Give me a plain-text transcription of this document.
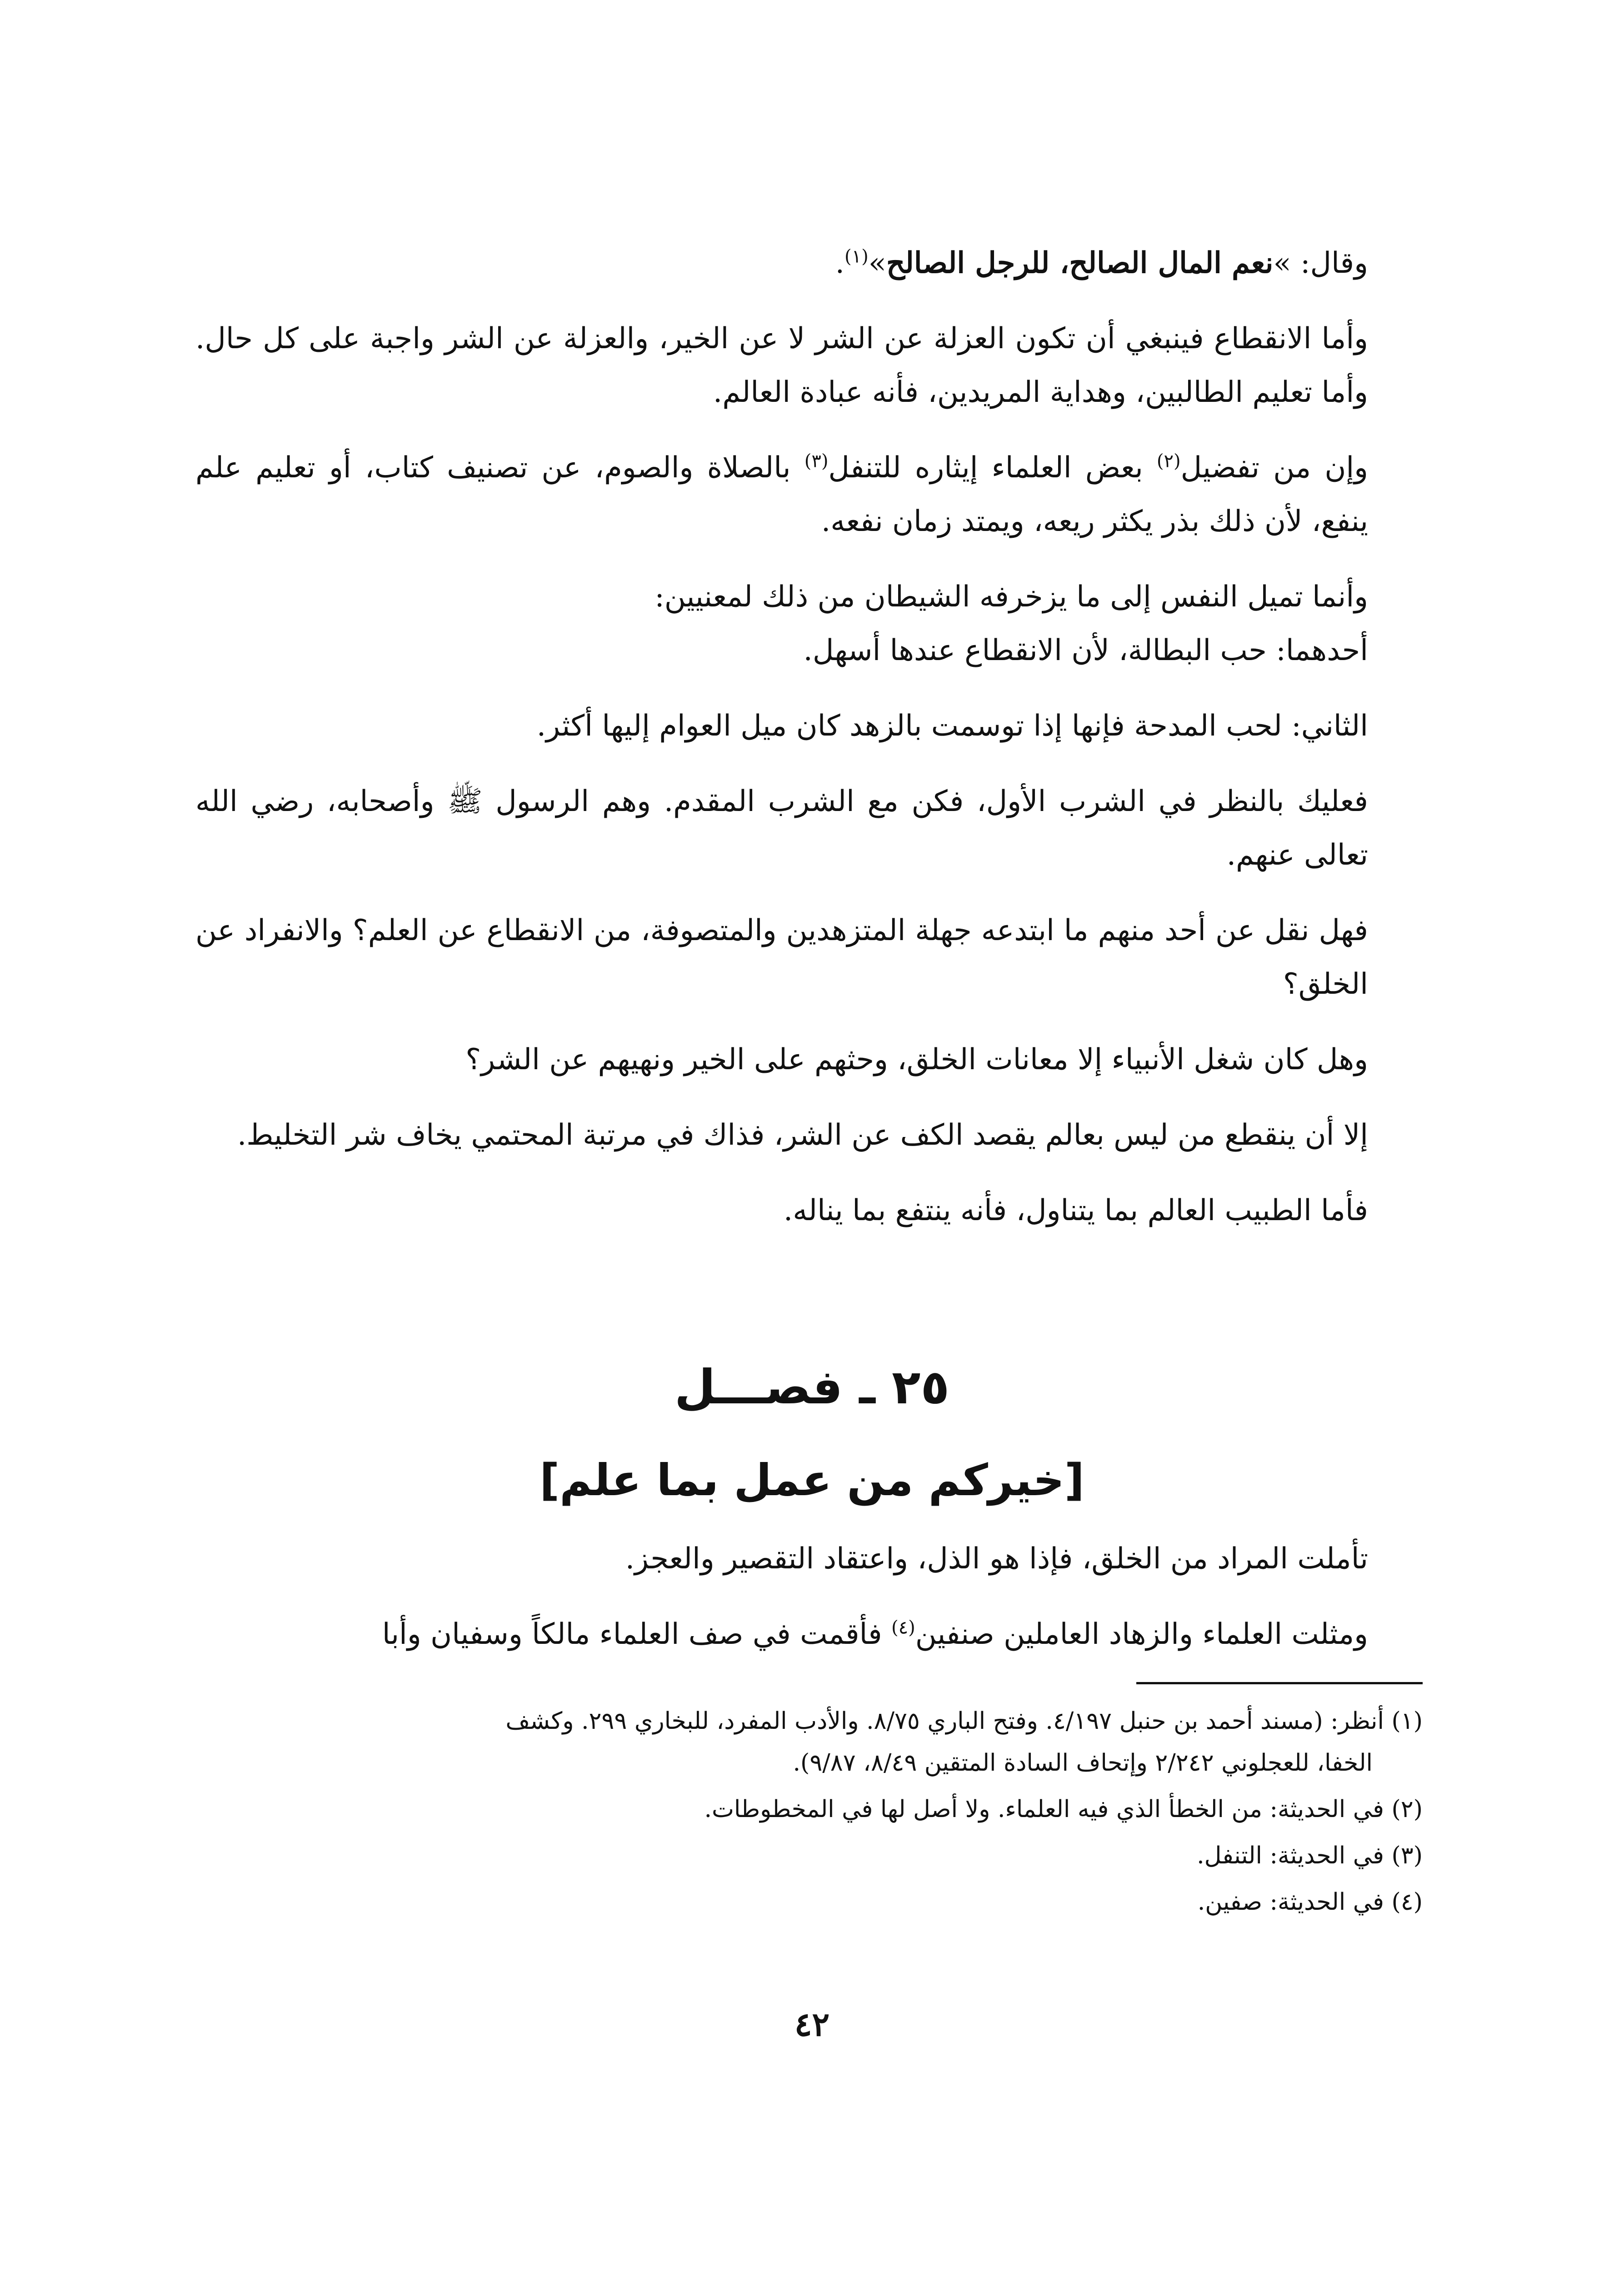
وقال: »نعم المال الصالح، للرجل الصالح»$^{(١)}$.

وأما الانقطاع فينبغي أن تكون العزلة عن الشر لا عن الخير، والعزلة عن الشر واجبة على كل حال. وأما تعليم الطالبين، وهداية المريدين، فأنه عبادة العالم.

وإن من تفضيل$^{(٢)}$ بعض العلماء إيثاره للتنفل$^{(٣)}$ بالصلاة والصوم، عن تصنيف كتاب، أو تعليم علم ينفع، لأن ذلك بذر يكثر ريعه، ويمتد زمان نفعه.

وأنما تميل النفس إلى ما يزخرفه الشيطان من ذلك لمعنيين:
أحدهما: حب البطالة، لأن الانقطاع عندها أسهل.

الثاني: لحب المدحة فإنها إذا توسمت بالزهد كان ميل العوام إليها أكثر.

فعليك بالنظر في الشرب الأول، فكن مع الشرب المقدم. وهم الرسول ﷺ وأصحابه، رضي الله تعالى عنهم.

فهل نقل عن أحد منهم ما ابتدعه جهلة المتزهدين والمتصوفة، من الانقطاع عن العلم؟ والانفراد عن الخلق؟

وهل كان شغل الأنبياء إلا معانات الخلق، وحثهم على الخير ونهيهم عن الشر؟

إلا أن ينقطع من ليس بعالم يقصد الكف عن الشر، فذاك في مرتبة المحتمي يخاف شر التخليط.

فأما الطبيب العالم بما يتناول، فأنه ينتفع بما يناله.

٢٥ ـ فصـــل
[خيركم من عمل بما علم]

تأملت المراد من الخلق، فإذا هو الذل، واعتقاد التقصير والعجز.

ومثلت العلماء والزهاد العاملين صنفين$^{(٤)}$ فأقمت في صف العلماء مالكاً وسفيان وأبا

(١) أنظر: (مسند أحمد بن حنبل ٤/١٩٧. وفتح الباري ٨/٧٥. والأدب المفرد، للبخاري ٢٩٩. وكشف
الخفا، للعجلوني ٢/٢٤٢ وإتحاف السادة المتقين ٨/٤٩، ٩/٨٧).

(٢) في الحديثة: من الخطأ الذي فيه العلماء. ولا أصل لها في المخطوطات.

(٣) في الحديثة: التنفل.

(٤) في الحديثة: صفين.

٤٢
